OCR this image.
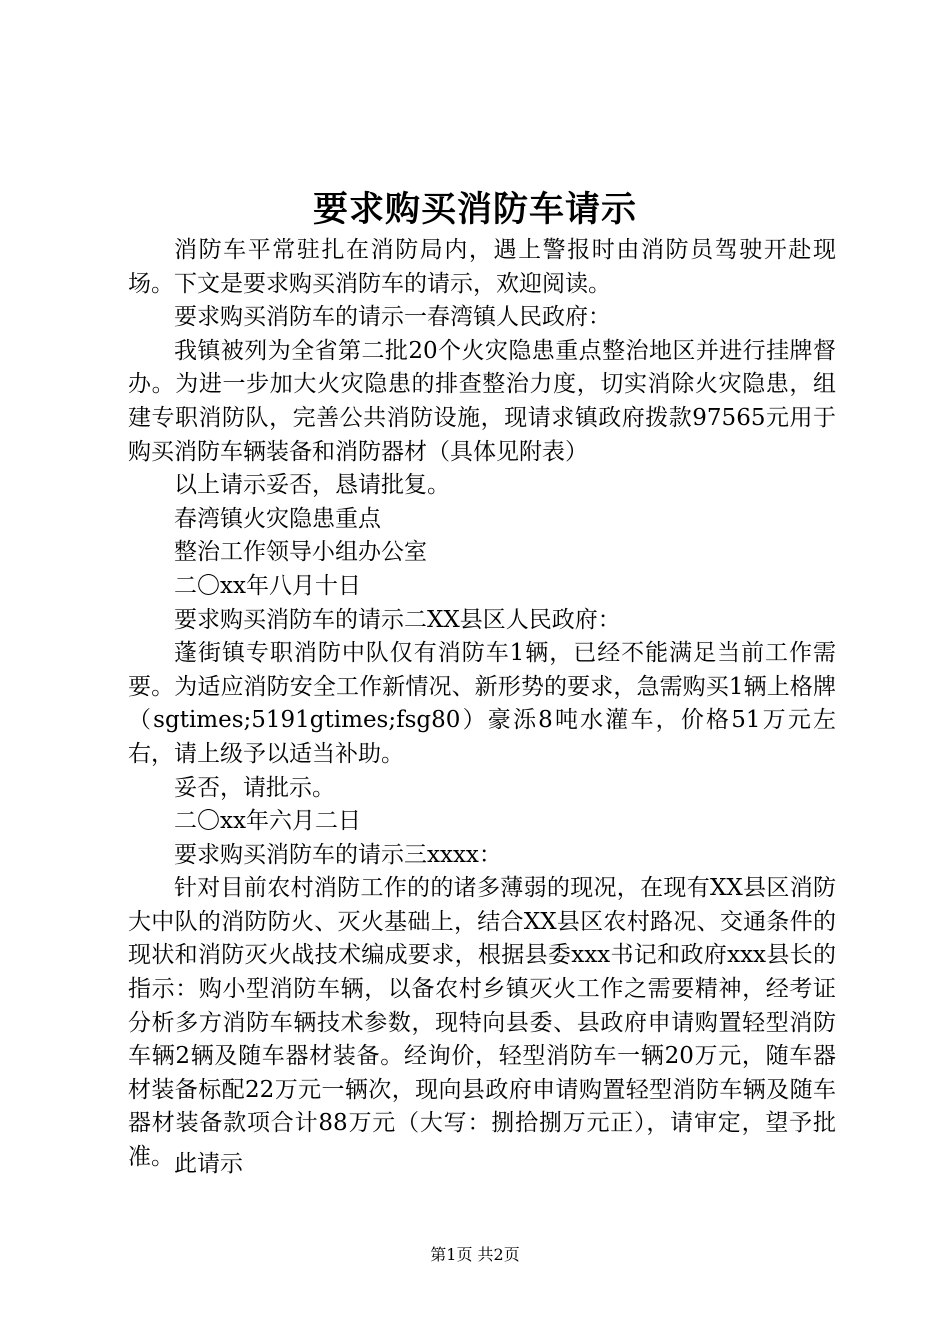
要求购买消防车请示

消防车平常驻扎在消防局内，遇上警报时由消防员驾驶开赴现场。下文是要求购买消防车的请示，欢迎阅读。

要求购买消防车的请示一春湾镇人民政府：

我镇被列为全省第二批20个火灾隐患重点整治地区并进行挂牌督办。为进一步加大火灾隐患的排查整治力度，切实消除火灾隐患，组建专职消防队，完善公共消防设施，现请求镇政府拨款97565元用于购买消防车辆装备和消防器材（具体见附表）

以上请示妥否，恳请批复。

春湾镇火灾隐患重点

整治工作领导小组办公室

二〇xx年八月十日

要求购买消防车的请示二XX县区人民政府：

蓬街镇专职消防中队仅有消防车1辆，已经不能满足当前工作需要。为适应消防安全工作新情况、新形势的要求，急需购买1辆上格牌（sgtimes;5191gtimes;fsg80）豪泺8吨水灌车，价格51万元左右，请上级予以适当补助。

妥否，请批示。

二〇xx年六月二日

要求购买消防车的请示三xxxx：

针对目前农村消防工作的的诸多薄弱的现况，在现有XX县区消防大中队的消防防火、灭火基础上，结合XX县区农村路况、交通条件的现状和消防灭火战技术编成要求，根据县委xxx书记和政府xxx县长的指示：购小型消防车辆，以备农村乡镇灭火工作之需要精神，经考证分析多方消防车辆技术参数，现特向县委、县政府申请购置轻型消防车辆2辆及随车器材装备。经询价，轻型消防车一辆20万元，随车器材装备标配22万元一辆次，现向县政府申请购置轻型消防车辆及随车器材装备款项合计88万元（大写：捌拾捌万元正），请审定，望予批准。 此请示

第1页 共2页
